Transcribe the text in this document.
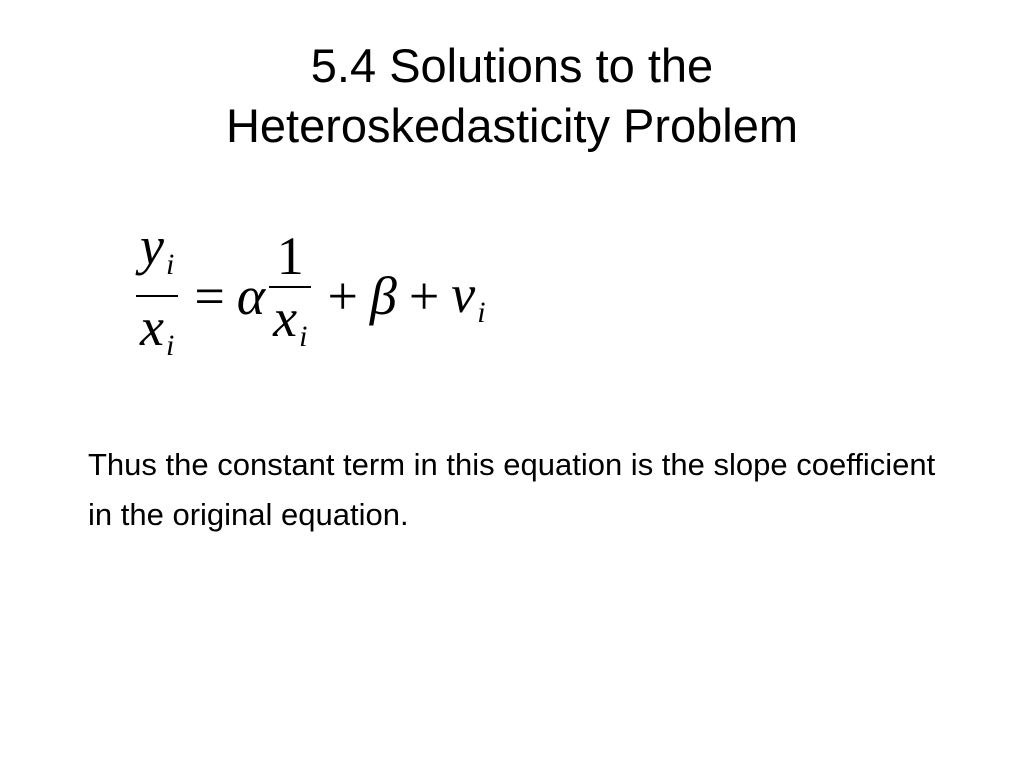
5.4 Solutions to the
Heteroskedasticity Problem
$\frac{y_i}{x_i} = \alpha \frac{1}{x_i} + \beta + v_i$

Thus the constant term in this equation is the slope coefficient in the original equation.
